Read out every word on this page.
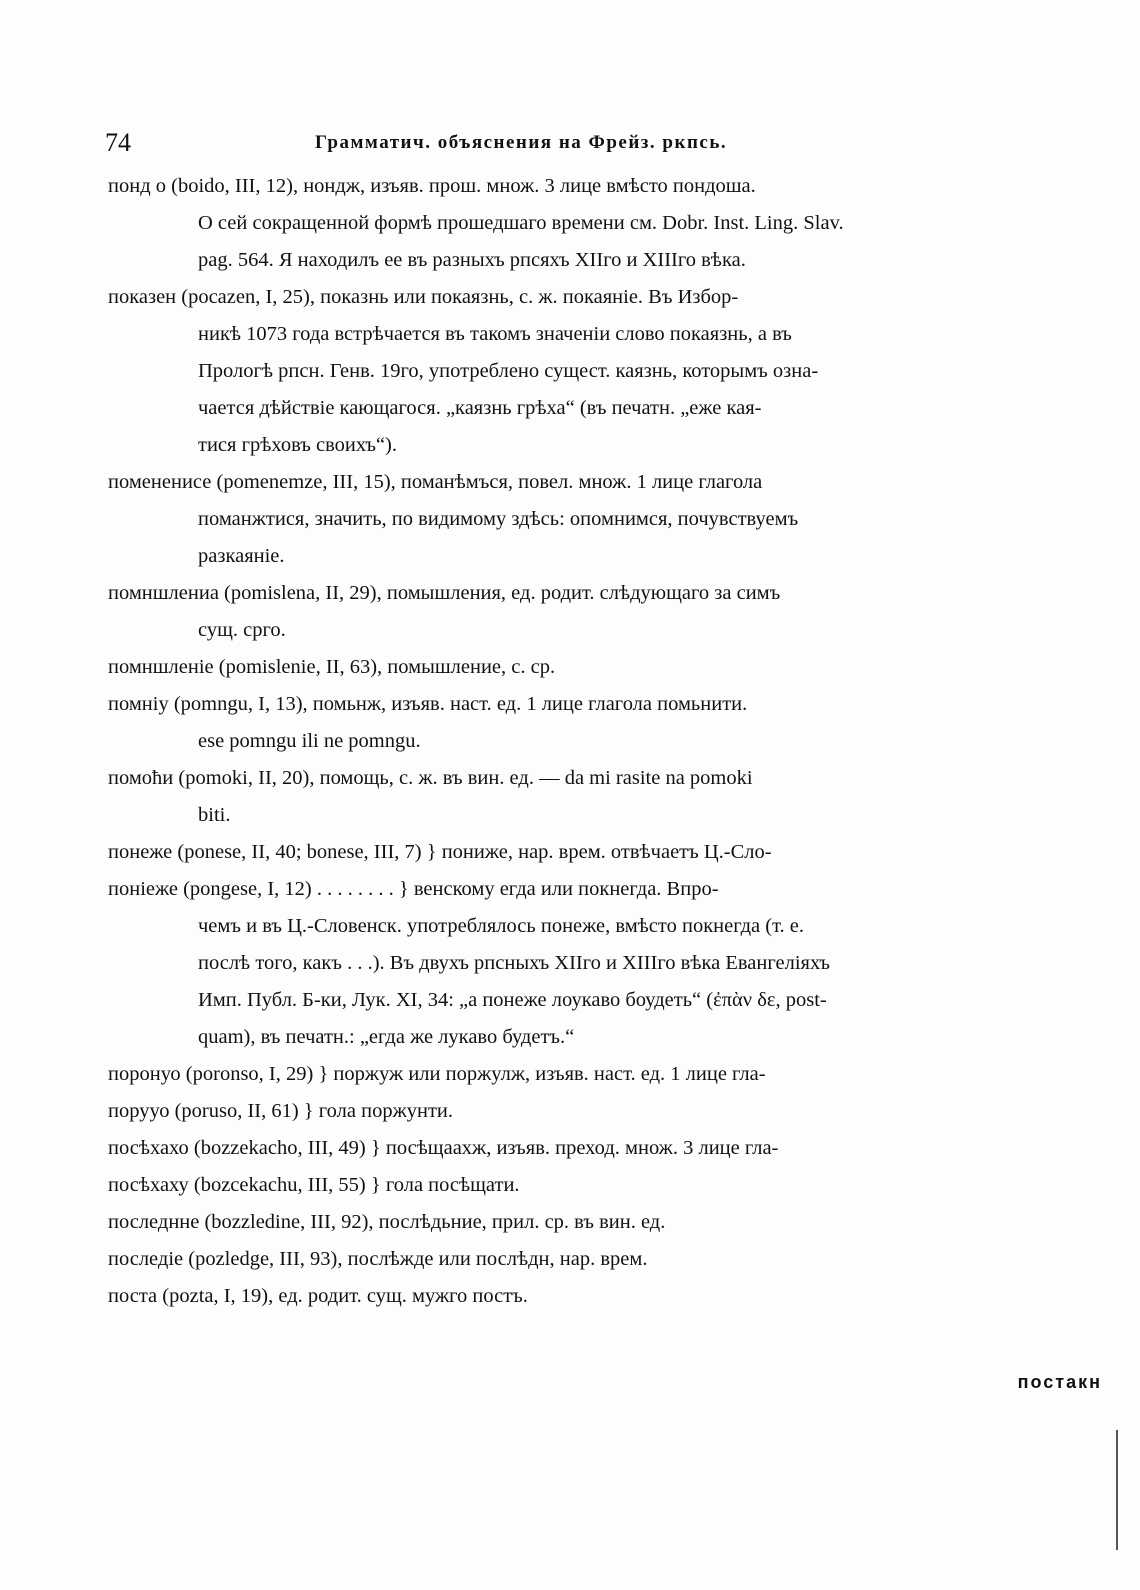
74	Грамматич. объяснения на Фрейз. ркпсь.
понд о (boido, III, 12), нондж, изъяв. прош. множ. 3 лице вмѣсто пондоша.
О сей сокращенной формѣ прошедшаго времени см. Dobr. Inst. Ling. Slav.
pag. 564. Я находилъ ее въ разныхъ рпсяхъ XIIго и XIIIго вѣка.
показен (pocazen, I, 25), показнь или покаязнь, с. ж. покаяніе. Въ Избор-
никѣ 1073 года встрѣчается въ такомъ значеніи слово покаязнь, а въ
Прологѣ рпсн. Генв. 19го, употреблено сущест. каязнь, которымъ озна-
чается дѣйствіе кающагося. „каязнь грѣха“ (въ печатн. „еже кая-
тися грѣховъ своихъ“).
помененисе (pomenemze, III, 15), поманѣмъся, повел. множ. 1 лице глагола
поманжтися, значить, по видимому здѣсь: опомнимся, почувствуемъ
разкаяніе.
помншлениа (pomislena, II, 29), помышления, ед. родит. слѣдующаго за симъ
сущ. срго.
помншленіе (pomislenie, II, 63), помышление, с. ср.
помніу (pomngu, I, 13), помьнж, изъяв. наст. ед. 1 лице глагола помьнити.
ese pomngu ili ne pomngu.
помоћи (pomoki, II, 20), помощь, с. ж. въ вин. ед. — da mi rasite na pomoki
biti.
понеже (ponese, II, 40; bonese, III, 7) } пониже, нар. врем. отвѣчаетъ Ц.-Сло-
поніеже (pongese, I, 12) . . . . . . . . } венскому егда или покнегда. Впро-
чемъ и въ Ц.-Словенск. употреблялось понеже, вмѣсто покнегда (т. е.
послѣ того, какъ . . .). Въ двухъ рпсныхъ XIIго и XIIIго вѣка Евангеліяхъ
Имп. Публ. Б-ки, Лук. XI, 34: „а понеже лоукаво боудеть“ (ἐπὰν δε, post-
quam), въ печатн.: „егда же лукаво будетъ.“
поронуо (poronso, I, 29) } поржуж или поржулж, изъяв. наст. ед. 1 лице гла-
порууо (poruso, II, 61) } гола поржунти.
посѣхахо (bozzekacho, III, 49) } посѣщаахж, изъяв. преход. множ. 3 лице гла-
посѣхаху (bozcekachu, III, 55) } гола посѣщати.
последнне (bozzledine, III, 92), послѣдьние, прил. ср. въ вин. ед.
последіе (pozledge, III, 93), послѣжде или послѣдн, нар. врем.
поста (pozta, I, 19), ед. родит. сущ. мужго постъ.
постакн
